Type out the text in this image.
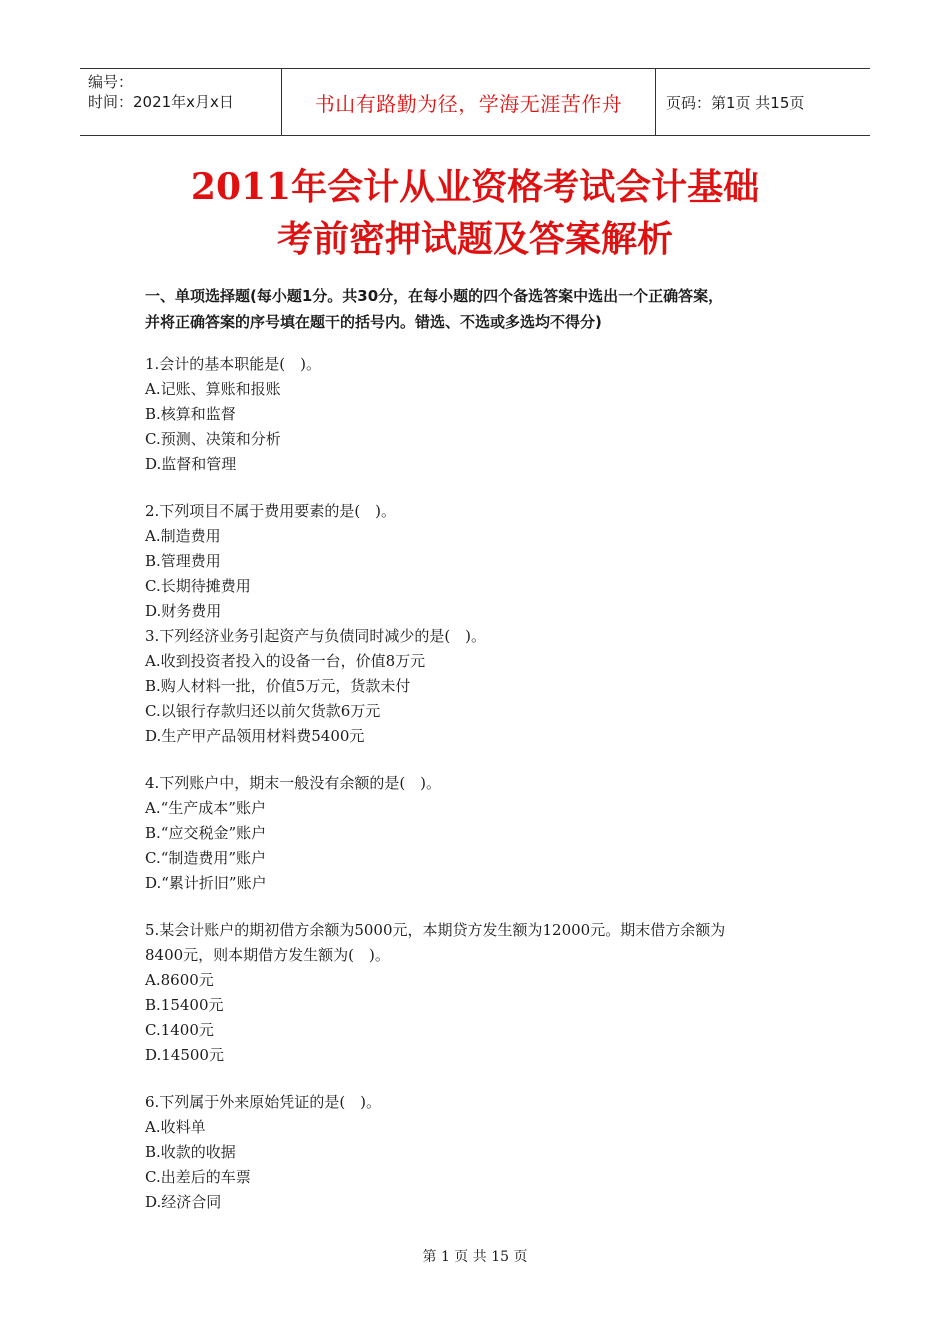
编号：
时间：2021年x月x日	书山有路勤为径，学海无涯苦作舟	页码：第1页 共15页
2011年会计从业资格考试会计基础
考前密押试题及答案解析
一、单项选择题(每小题1分。共30分，在每小题的四个备选答案中选出一个正确答案，
并将正确答案的序号填在题干的括号内。错选、不选或多选均不得分)
1.会计的基本职能是(　)。
A.记账、算账和报账
B.核算和监督
C.预测、决策和分析
D.监督和管理
2.下列项目不属于费用要素的是(　)。
A.制造费用
B.管理费用
C.长期待摊费用
D.财务费用
3.下列经济业务引起资产与负债同时减少的是(　)。
A.收到投资者投入的设备一台，价值8万元
B.购人材料一批，价值5万元，货款未付
C.以银行存款归还以前欠货款6万元
D.生产甲产品领用材料费5400元
4.下列账户中，期末一般没有余额的是(　)。
A.“生产成本”账户
B.“应交税金”账户
C.“制造费用”账户
D.“累计折旧”账户
5.某会计账户的期初借方余额为5000元，本期贷方发生额为12000元。期末借方余额为
8400元，则本期借方发生额为(　)。
A.8600元
B.15400元
C.1400元
D.14500元
6.下列属于外来原始凭证的是(　)。
A.收料单
B.收款的收据
C.出差后的车票
D.经济合同
第 1 页 共 15 页
